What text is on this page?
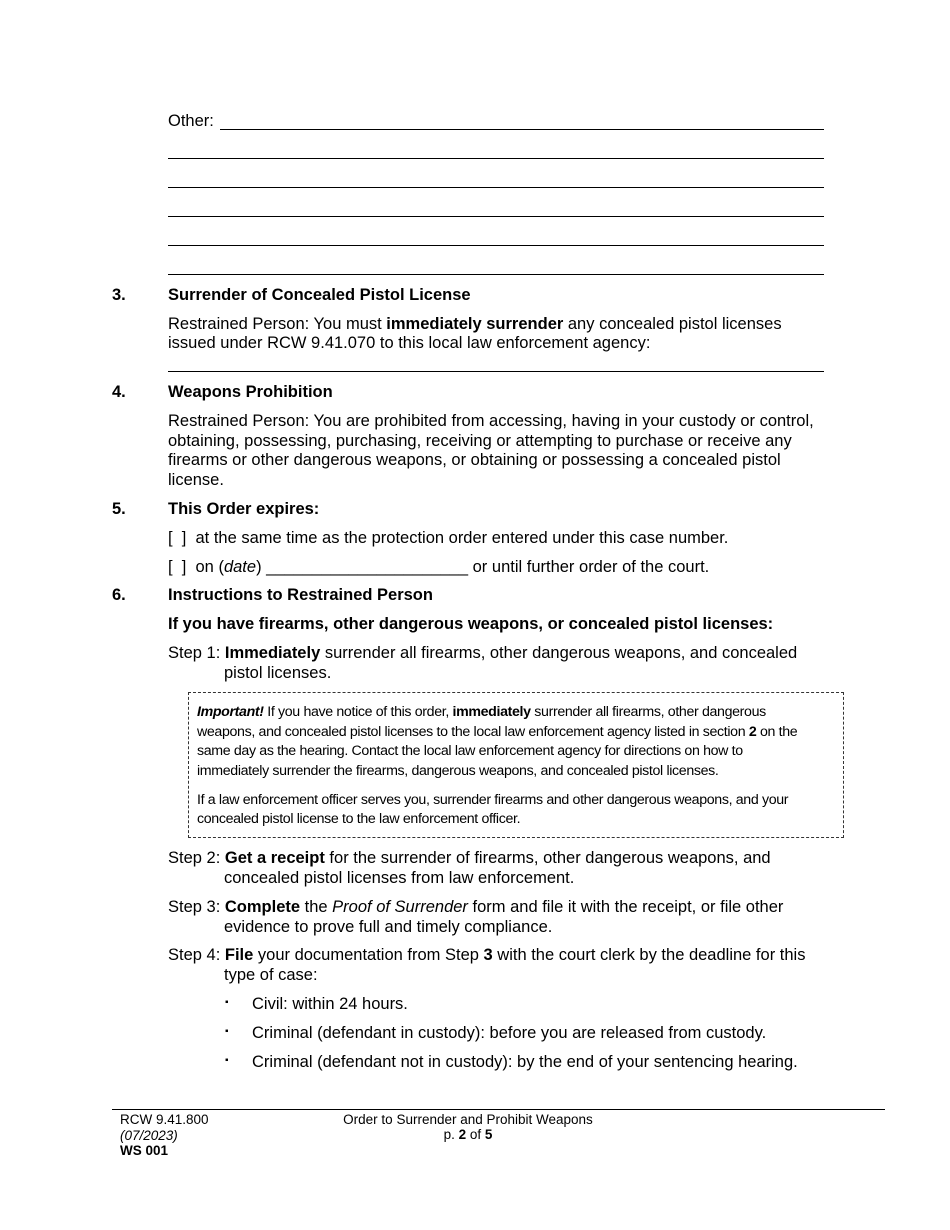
Other:
3.	Surrender of Concealed Pistol License
Restrained Person: You must immediately surrender any concealed pistol licenses
issued under RCW 9.41.070 to this local law enforcement agency:
4.	Weapons Prohibition
Restrained Person: You are prohibited from accessing, having in your custody or control,
obtaining, possessing, purchasing, receiving or attempting to purchase or receive any
firearms or other dangerous weapons, or obtaining or possessing a concealed pistol
license.
5.	This Order expires:
[  ]  at the same time as the protection order entered under this case number.
[  ]  on (date) ______________________ or until further order of the court.
6.	Instructions to Restrained Person
If you have firearms, other dangerous weapons, or concealed pistol licenses:
Step 1: Immediately surrender all firearms, other dangerous weapons, and concealed
pistol licenses.
Important! If you have notice of this order, immediately surrender all firearms, other dangerous
weapons, and concealed pistol licenses to the local law enforcement agency listed in section 2 on the
same day as the hearing. Contact the local law enforcement agency for directions on how to
immediately surrender the firearms, dangerous weapons, and concealed pistol licenses.
If a law enforcement officer serves you, surrender firearms and other dangerous weapons, and your
concealed pistol license to the law enforcement officer.
Step 2: Get a receipt for the surrender of firearms, other dangerous weapons, and
concealed pistol licenses from law enforcement.
Step 3: Complete the Proof of Surrender form and file it with the receipt, or file other
evidence to prove full and timely compliance.
Step 4: File your documentation from Step 3 with the court clerk by the deadline for this
type of case:
▪ Civil: within 24 hours.
▪ Criminal (defendant in custody): before you are released from custody.
▪ Criminal (defendant not in custody): by the end of your sentencing hearing.
RCW 9.41.800
(07/2023)
WS 001
Order to Surrender and Prohibit Weapons
p. 2 of 5
